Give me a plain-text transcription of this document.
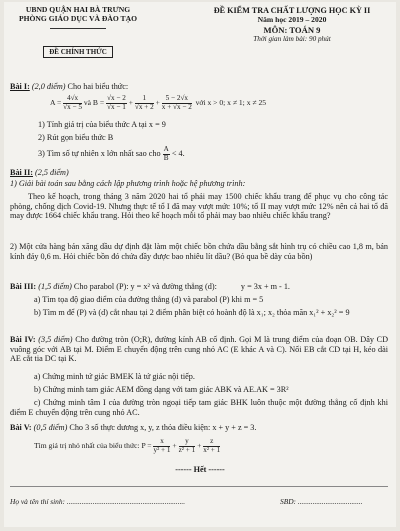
UBND QUẬN HAI BÀ TRƯNG
PHÒNG GIÁO DỤC VÀ ĐÀO TẠO
ĐỀ CHÍNH THỨC
ĐỀ KIỂM TRA CHẤT LƯỢNG HỌC KỲ II
Năm học 2019 – 2020
MÔN: TOÁN 9
Thời gian làm bài: 90 phút
Bài I: (2,0 điểm) Cho hai biểu thức:
$A = \frac{4√x}{√x - 5}$ và $B = \frac{√x - 2}{√x - 1} + \frac{1}{√x + 2} + \frac{5 - 2√x}{x + √x - 2}$ với x > 0; x ≠ 1; x ≠ 25
1) Tính giá trị của biểu thức A tại x = 9
2) Rút gọn biểu thức B
3) Tìm số tự nhiên x lớn nhất sao cho $\frac{A}{B} < 4$.
Bài II: (2,5 điểm)
1) Giải bài toán sau bằng cách lập phương trình hoặc hệ phương trình:
Theo kế hoạch, trong tháng 3 năm 2020 hai tổ phải may 1500 chiếc khẩu trang để phục vụ cho công tác phòng, chống dịch Covid-19. Nhưng thực tế tổ I đã may vượt mức 10%; tổ II may vượt mức 12% nên cả hai tổ đã may được 1664 chiếc khẩu trang. Hỏi theo kế hoạch mỗi tổ phải may bao nhiêu chiếc khẩu trang?
2) Một cửa hàng bán xăng dầu dự định đặt làm một chiếc bồn chứa dầu bằng sắt hình trụ có chiều cao 1,8 m, bán kính đáy 0,6 m. Hỏi chiếc bồn đó chứa đầy được bao nhiêu lít dầu? (Bỏ qua bề dày của bồn)
Bài III: (1,5 điểm) Cho parabol (P): y = x² và đường thẳng (d):	y = 3x + m - 1.
a) Tìm tọa độ giao điểm của đường thẳng (d) và parabol (P) khi m = 5
b) Tìm m để (P) và (d) cắt nhau tại 2 điểm phân biệt có hoành độ là x₁; x₂ thỏa mãn x₁² + x₂² = 9
Bài IV: (3,5 điểm) Cho đường tròn (O;R), đường kính AB cố định. Gọi M là trung điểm của đoạn OB. Dây CD vuông góc với AB tại M. Điểm E chuyển động trên cung nhỏ AC (E khác A và C). Nối EB cắt CD tại H, kéo dài AE cắt tia DC tại K.
a) Chứng minh tứ giác BMEK là tứ giác nội tiếp.
b) Chứng minh tam giác AEM đồng dạng với tam giác ABK và AE.AK = 3R²
c) Chứng minh tâm I của đường tròn ngoại tiếp tam giác BHK luôn thuộc một đường thẳng cố định khi điểm E chuyển động trên cung nhỏ AC.
Bài V: (0,5 điểm) Cho 3 số thực dương x, y, z thỏa điều kiện: x + y + z = 3.
Tìm giá trị nhỏ nhất của biểu thức: $P = \frac{x}{\text{y² + 1}} + \frac{y}{\text{z² + 1}} + \frac{z}{\text{x² + 1}}$
------ Hết ------
Họ và tên thí sinh: ................................................................	SBD: ...................................
